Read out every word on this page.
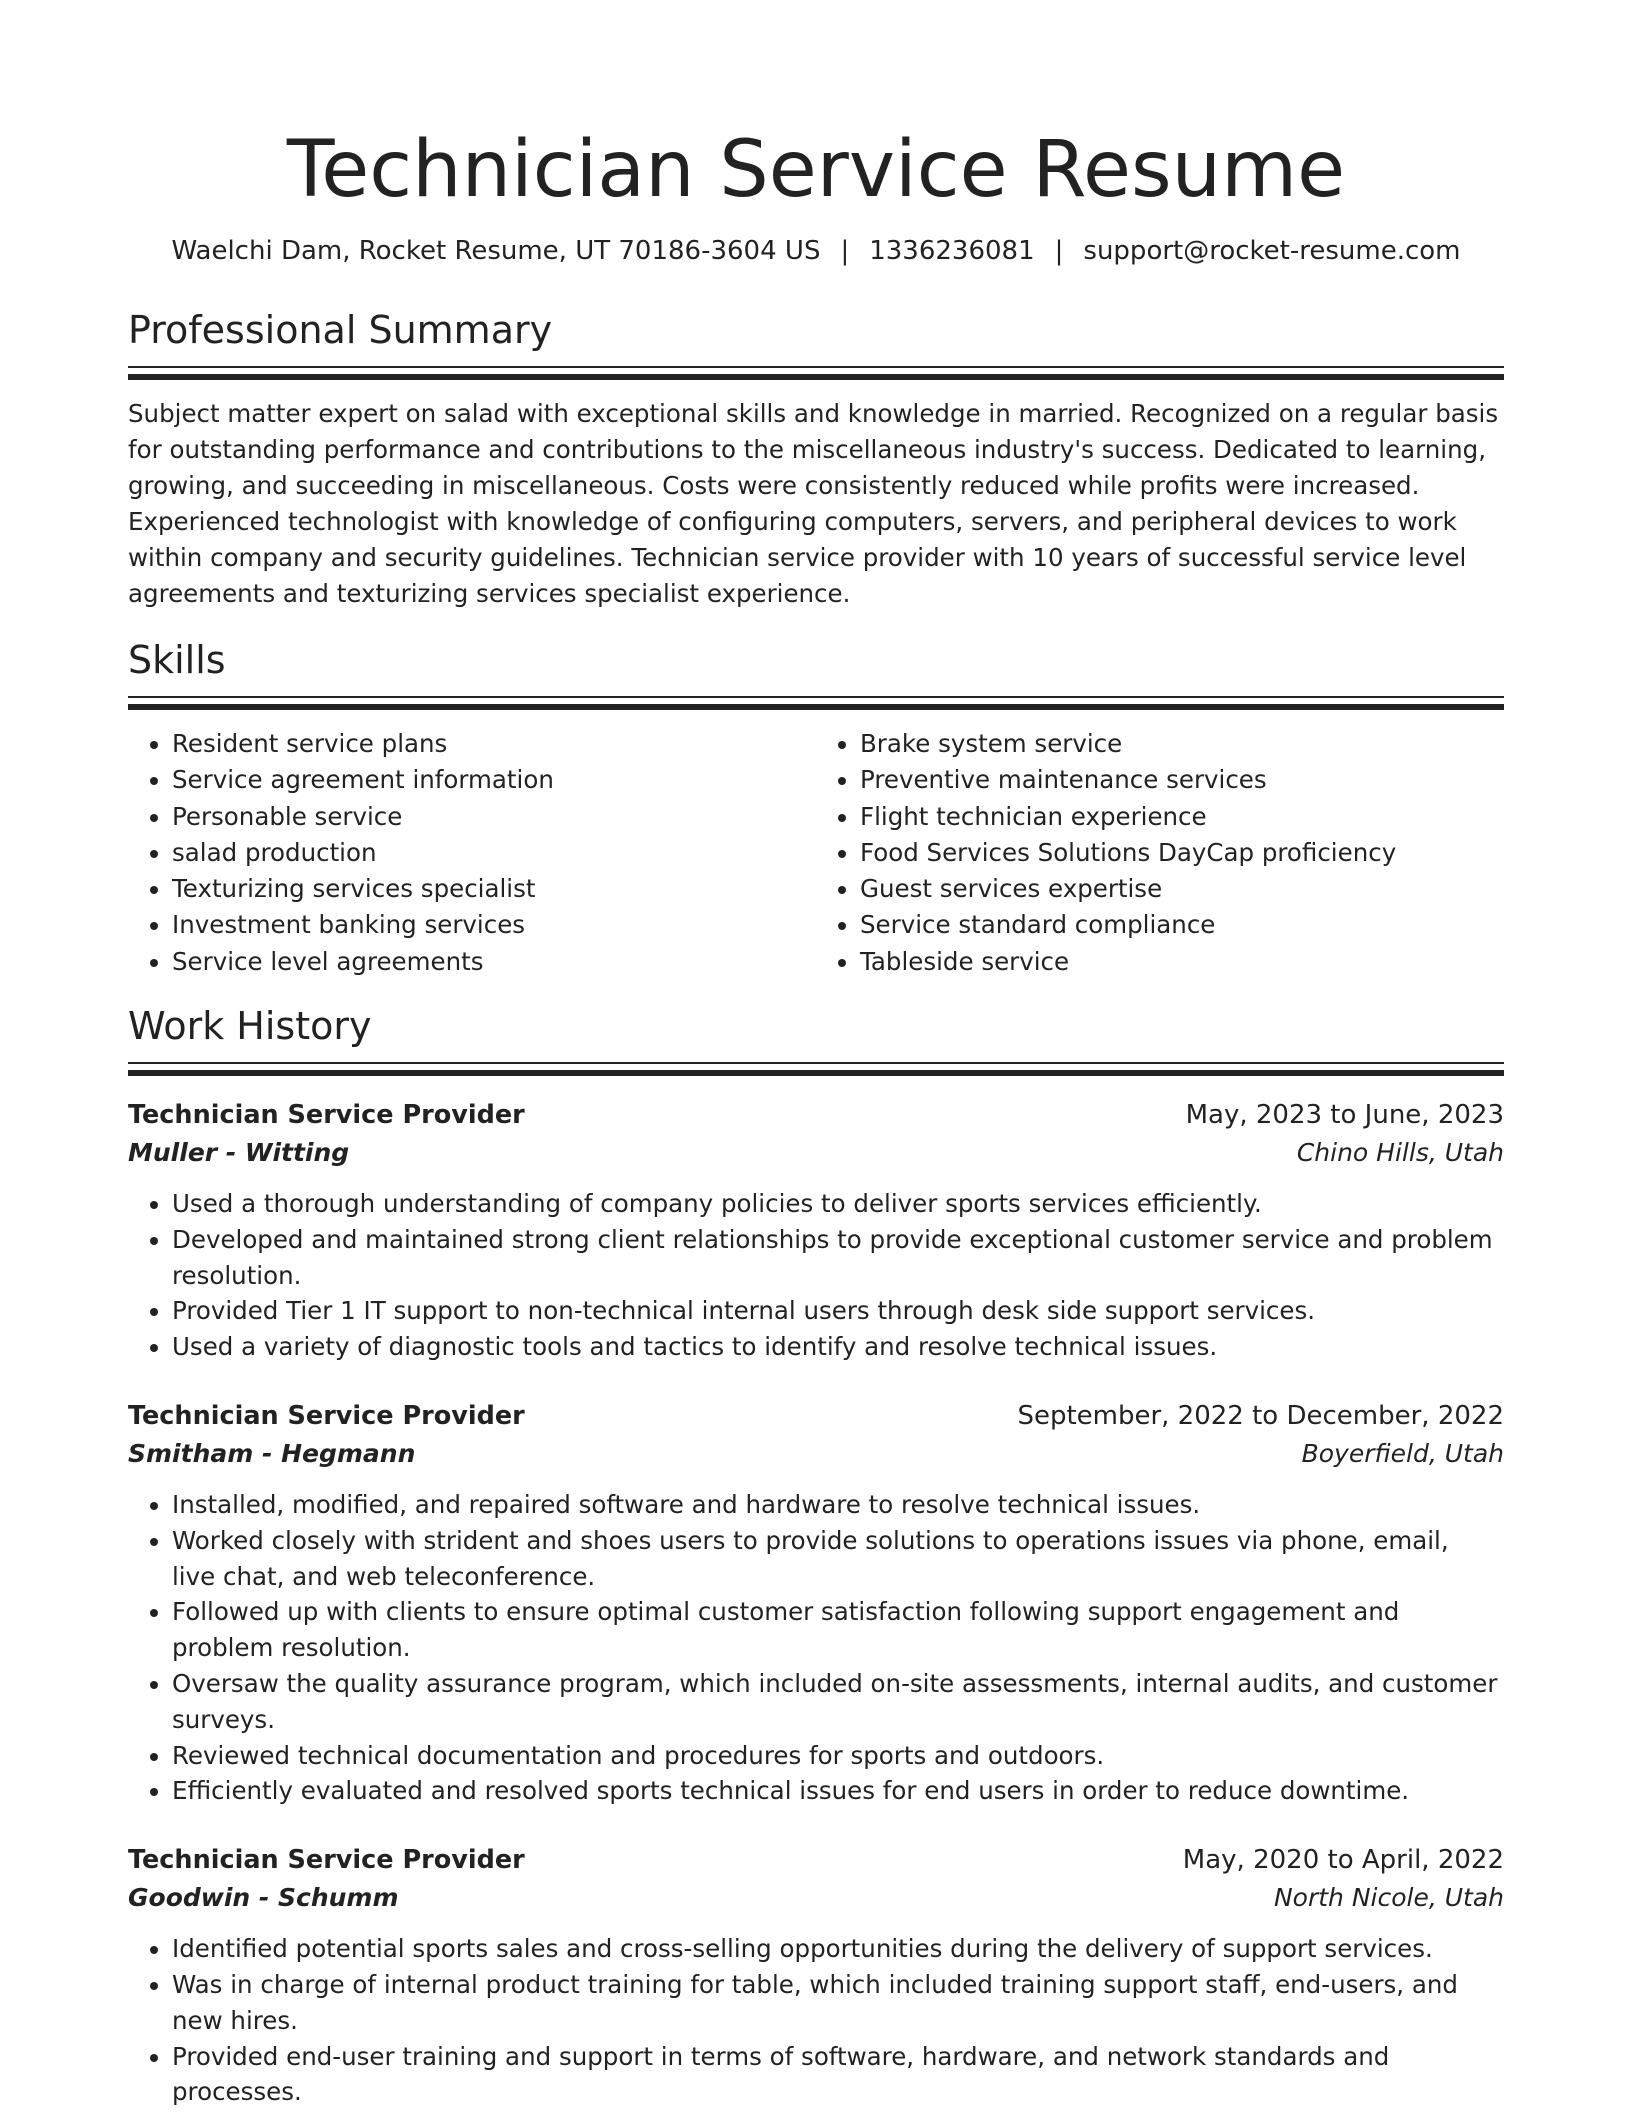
Technician Service Resume
Waelchi Dam, Rocket Resume, UT 70186-3604 US | 1336236081 | support@rocket-resume.com
Professional Summary

Subject matter expert on salad with exceptional skills and knowledge in married. Recognized on a regular basis for outstanding performance and contributions to the miscellaneous industry's success. Dedicated to learning, growing, and succeeding in miscellaneous. Costs were consistently reduced while profits were increased. Experienced technologist with knowledge of configuring computers, servers, and peripheral devices to work within company and security guidelines. Technician service provider with 10 years of successful service level agreements and texturizing services specialist experience.

Skills
• Resident service plans
• Service agreement information
• Personable service
• salad production
• Texturizing services specialist
• Investment banking services
• Service level agreements
• Brake system service
• Preventive maintenance services
• Flight technician experience
• Food Services Solutions DayCap proficiency
• Guest services expertise
• Service standard compliance
• Tableside service
Work History
Technician Service Provider	May, 2023 to June, 2023
Muller - Witting	Chino Hills, Utah
• Used a thorough understanding of company policies to deliver sports services efficiently.
• Developed and maintained strong client relationships to provide exceptional customer service and problem resolution.
• Provided Tier 1 IT support to non-technical internal users through desk side support services.
• Used a variety of diagnostic tools and tactics to identify and resolve technical issues.
Technician Service Provider	September, 2022 to December, 2022
Smitham - Hegmann	Boyerfield, Utah
• Installed, modified, and repaired software and hardware to resolve technical issues.
• Worked closely with strident and shoes users to provide solutions to operations issues via phone, email, live chat, and web teleconference.
• Followed up with clients to ensure optimal customer satisfaction following support engagement and problem resolution.
• Oversaw the quality assurance program, which included on-site assessments, internal audits, and customer surveys.
• Reviewed technical documentation and procedures for sports and outdoors.
• Efficiently evaluated and resolved sports technical issues for end users in order to reduce downtime.
Technician Service Provider	May, 2020 to April, 2022
Goodwin - Schumm	North Nicole, Utah
• Identified potential sports sales and cross-selling opportunities during the delivery of support services.
• Was in charge of internal product training for table, which included training support staff, end-users, and new hires.
• Provided end-user training and support in terms of software, hardware, and network standards and processes.
